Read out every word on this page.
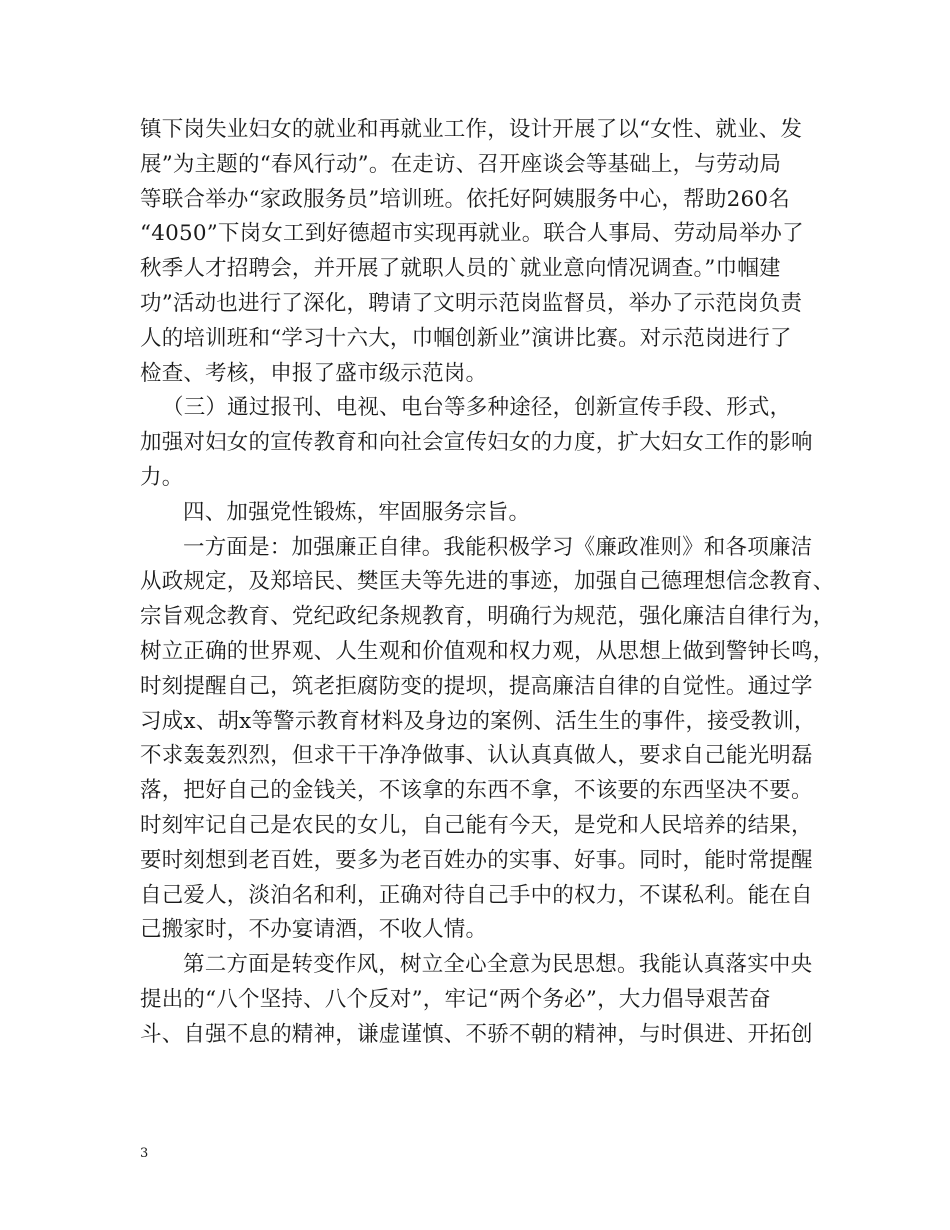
镇下岗失业妇女的就业和再就业工作，设计开展了以“女性、就业、发
展”为主题的“春风行动”。在走访、召开座谈会等基础上，与劳动局
等联合举办“家政服务员”培训班。依托好阿姨服务中心，帮助260名
“4050”下岗女工到好德超市实现再就业。联合人事局、劳动局举办了
秋季人才招聘会，并开展了就职人员的`就业意向情况调查。”巾帼建
功”活动也进行了深化，聘请了文明示范岗监督员，举办了示范岗负责
人的培训班和“学习十六大，巾帼创新业”演讲比赛。对示范岗进行了
检查、考核，申报了盛市级示范岗。
（三）通过报刊、电视、电台等多种途径，创新宣传手段、形式，
加强对妇女的宣传教育和向社会宣传妇女的力度，扩大妇女工作的影响
力。
四、加强党性锻炼，牢固服务宗旨。
一方面是：加强廉正自律。我能积极学习《廉政准则》和各项廉洁
从政规定，及郑培民、樊匡夫等先进的事迹，加强自己德理想信念教育、
宗旨观念教育、党纪政纪条规教育，明确行为规范，强化廉洁自律行为，
树立正确的世界观、人生观和价值观和权力观，从思想上做到警钟长鸣，
时刻提醒自己，筑老拒腐防变的提坝，提高廉洁自律的自觉性。通过学
习成x、胡x等警示教育材料及身边的案例、活生生的事件，接受教训，
不求轰轰烈烈，但求干干净净做事、认认真真做人，要求自己能光明磊
落，把好自己的金钱关，不该拿的东西不拿，不该要的东西坚决不要。
时刻牢记自己是农民的女儿，自己能有今天，是党和人民培养的结果，
要时刻想到老百姓，要多为老百姓办的实事、好事。同时，能时常提醒
自己爱人，淡泊名和利，正确对待自己手中的权力，不谋私利。能在自
己搬家时，不办宴请酒，不收人情。
第二方面是转变作风，树立全心全意为民思想。我能认真落实中央
提出的“八个坚持、八个反对”，牢记“两个务必”，大力倡导艰苦奋
斗、自强不息的精神，谦虚谨慎、不骄不朝的精神，与时俱进、开拓创
3
